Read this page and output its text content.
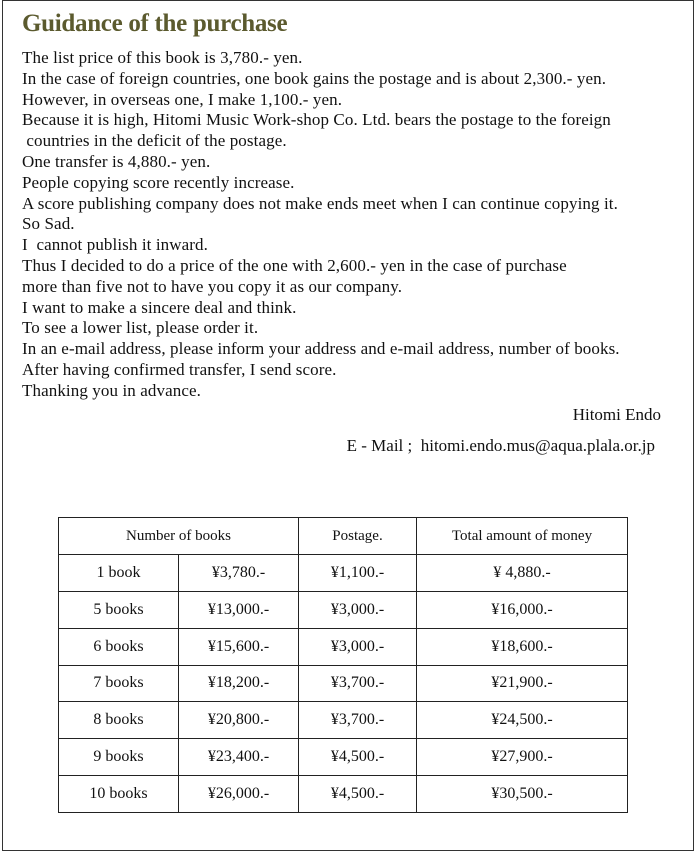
Guidance of the purchase
The list price of this book is 3,780.- yen.
In the case of foreign countries, one book gains the postage and is about 2,300.- yen.
However, in overseas one, I make 1,100.- yen.
Because it is high, Hitomi Music Work-shop Co. Ltd. bears the postage to the foreign
countries in the deficit of the postage.
One transfer is 4,880.- yen.
People copying score recently increase.
A score publishing company does not make ends meet when I can continue copying it.
So Sad.
I  cannot publish it inward.
Thus I decided to do a price of the one with 2,600.- yen in the case of purchase
more than five not to have you copy it as our company.
I want to make a sincere deal and think.
To see a lower list, please order it.
In an e-mail address, please inform your address and e-mail address, number of books.
After having confirmed transfer, I send score.
Thanking you in advance.
Hitomi Endo
E - Mail ;  hitomi.endo.mus@aqua.plala.or.jp
Number of books		Postage.	Total amount of money
1 book	¥3,780.-	¥1,100.-	¥ 4,880.-
5 books	¥13,000.-	¥3,000.-	¥16,000.-
6 books	¥15,600.-	¥3,000.-	¥18,600.-
7 books	¥18,200.-	¥3,700.-	¥21,900.-
8 books	¥20,800.-	¥3,700.-	¥24,500.-
9 books	¥23,400.-	¥4,500.-	¥27,900.-
10 books	¥26,000.-	¥4,500.-	¥30,500.-
